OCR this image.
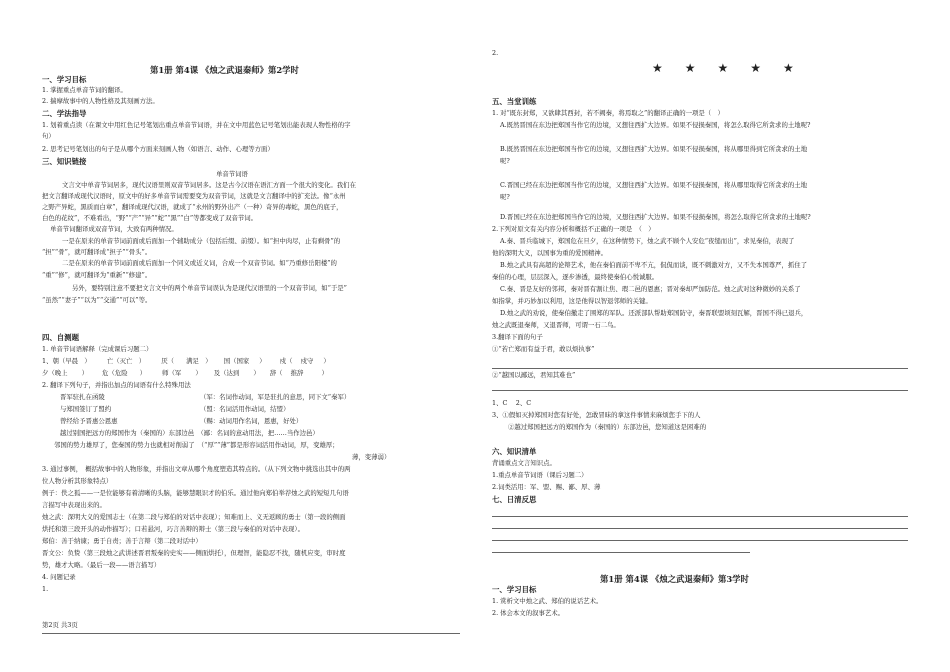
第1册 第4课 《烛之武退秦师》第2学时
一、学习目标
1. 掌握重点单音节词的翻译。
2. 揣摩故事中的人物性格及其刻画方法。
二、学法指导
1. 划着重点读（在课文中用红色记号笔划出重点单音节词语，并在文中用蓝色记号笔划出能表现人物性格的字
句）
2. 思考记号笔划出的句子是从哪个方面来刻画人物（如语言、动作、心理等方面）
三、知识链接
单音节词语
文言文中单音节词居多，现代汉语里则双音节词居多。这是古今汉语在语汇方面一个很大的变化。我们在
把文言翻译成现代汉语时，原文中的好多单音节词需要变为双音节词，这就是文言翻译中的扩充法。像“永州
之野产异蛇，黑质而白章”，翻译成现代汉语，就成了“永州的野外出产（一种）奇异的毒蛇，黑色的底子，
白色的花纹”，不难看出，“野”“产”“异”“蛇”“黑”“白”等都变成了双音节词。
单音节词翻译成双音节词，大致有两种情况。
一是在原来的单音节词前面或后面加一个辅助成分（包括后缀、前缀）。如“担中肉尽，止有剩骨”的
“担”“骨”，就可翻译成“担子”“骨头”。
二是在原来的单音节词前面或后面加一个同义或近义词，合成一个双音节词。如“乃重修岳阳楼”的
“重”“修”，就可翻译为“重新”“修建”。
另外，要特别注意不要把文言文中的两个单音节词误认为是现代汉语里的一个双音节词，如“于是”
“虽然”“妻子”“以为”“交通”“可以”等。
四、自测题
1. 单音节词语解释（完成课后习题二）
1、朝（早晨　）	亡（灭亡　）	厌（ 满足　） 国（国家 ） 戍（ 戍守 ）
夕（晚上 ） 危（危险 ）	师（军 ） 及（达到 ） 辞（ 推辞	）
2. 翻译下列句子，并指出加点的词语有什么特殊用法
晋军驻扎在函陵	（军：名词作动词，军是驻扎的意思，同下文“秦军）
与郑国签订了盟约	（盟：名词活用作动词，结盟）
曾经给予晋惠公恩惠	（赐：动词用作名词，恩惠，好处）
越过别国把远方的郑国作为（秦国的）东部边邑　（鄙：名词的意动用法，把……当作边邑）
邻国的势力雄厚了，您秦国的势力也就相对削弱了　（“厚”“薄”都是形容词活用作动词，厚，变雄厚；
薄，变薄弱）
3. 通过事例，　概括故事中的人物形象，并指出文章从哪个角度塑造其特点的。（从下列文物中挑选出其中的两
位人物分析其形象特点）
例子：佚之狐——一是位能够有着清晰的头脑，能够慧眼识才的伯乐。通过他向郑伯举荐烛之武的短短几句语
言描写中表现出来的。
烛之武：深明大义的爱国志士（在第二段与郑伯的对话中表现）；知难而上、义无返顾的勇士（第一段的侧面
烘托和第三段开头的动作描写）；口若悬河，巧言善辩的辩士（第三段与秦伯的对话中表现）。
郑伯：善于纳谏；勇于自责；善于言辩（第二段对话中）
晋文公：负贽（第三段烛之武讲述晋君叛秦的史实——侧面烘托），但理智，能隐忍不找，随机应变，审时度
势，雄才大略。（最后一段——语言描写）
4. 问题记录
1.
第2页 共3页
2.
★★★★★
五、当堂训练
1. 对“既东封郑，又欲肆其西封，若不阙秦，将焉取之”的翻译正确的一项是（　）
A.既然晋国在东边把郑国当作它的边境，又想往西扩大边界。如果不侵损秦国，将怎么取得它所贪求的土地呢?
B.既然晋国在东边把郑国当作它的边境，又想往西扩大边界。如果不侵损秦国，将从哪里得到它所贪求的土地
呢?
C.晋国已经在东边把郑国当作它的边境，又想往西扩大边界。如果不侵损秦国，将从哪里取得它所贪求的土地
呢?
D.晋国已经在东边把郑国当作它的边境，又想往西扩大边界。如果不侵损秦国，将怎么取得它所贪求的土地呢?
2.下列对原文有关内容分析和概括不正确的一项是　（　）
A.秦、晋兵临城下，郑国危在旦夕，在这种情势下，烛之武不顾个人安危“夜缒而出”，求见秦伯，表现了
他的深明大义，以国事为重的爱国精神。
B.烛之武具有高超的论辩艺术，他在秦伯面前不卑不亢，侃侃而谈，既不刺激对方，又不失本国尊严，抓住了
秦伯的心理，层层深入，逐步渗透，最终使秦伯心悦诚服。
C.秦、晋是友好的邻邦，秦对晋有割让焦、瑕二邑的恩惠；晋对秦却严加防范。烛之武对这种微妙的关系了
如指掌，并巧妙加以利用，这是他得以智退邻师的关键。
D.烛之武的劝说，使秦伯撤走了围郑的军队。还派部队帮助郑国防守，秦晋联盟顷刻瓦解，晋国不得已退兵，
烛之武既退秦师，又退晋师，可谓一石二鸟。
3.翻译下面的句子
①“若亡郑而有益于君，敢以烦执事”
②“越国以鄙远，君知其难也”
1、C　 2、C
3、①假如灭掉郑国对您有好处，怎敢冒昧的拿这件事情来麻烦您手下的人
②越过郑国把远方的郑国作为（秦国的）东部边邑，您知道这是困难的
六、知识清单
背诵重点文言知识点。
1.重点单音节词语（课后习题二）
2.词类活用：军、盟、赐、鄙、厚、薄
七、日清反思
第1册 第4课 《烛之武退秦师》第3学时
一、学习目标
1. 赏析文中烛之武、郑伯的说话艺术。
2. 体会本文的叙事艺术。
